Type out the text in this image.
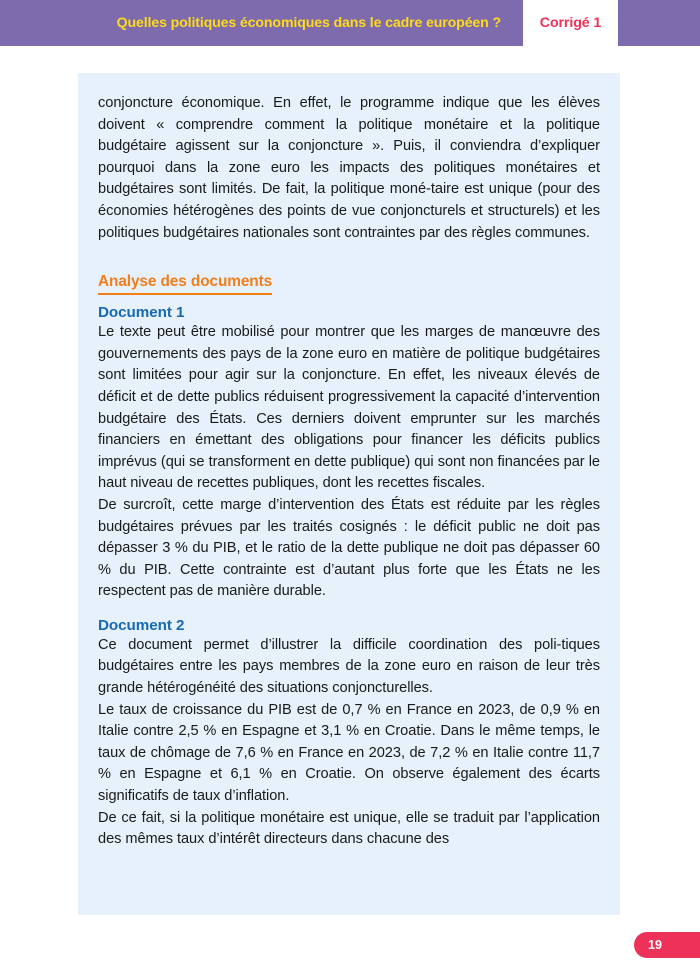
Quelles politiques économiques dans le cadre européen ?	Corrigé 1

conjoncture économique. En effet, le programme indique que les élèves doivent « comprendre comment la politique monétaire et la politique budgétaire agissent sur la conjoncture ». Puis, il conviendra d’expliquer pourquoi dans la zone euro les impacts des politiques monétaires et budgétaires sont limités. De fait, la politique moné-taire est unique (pour des économies hétérogènes des points de vue conjoncturels et structurels) et les politiques budgétaires nationales sont contraintes par des règles communes.

Analyse des documents
Document 1

Le texte peut être mobilisé pour montrer que les marges de manœuvre des gouvernements des pays de la zone euro en matière de politique budgétaires sont limitées pour agir sur la conjoncture. En effet, les niveaux élevés de déficit et de dette publics réduisent progressivement la capacité d’intervention budgétaire des États. Ces derniers doivent emprunter sur les marchés financiers en émettant des obligations pour financer les déficits publics imprévus (qui se transforment en dette publique) qui sont non financées par le haut niveau de recettes publiques, dont les recettes fiscales.

De surcroît, cette marge d’intervention des États est réduite par les règles budgétaires prévues par les traités cosignés : le déficit public ne doit pas dépasser 3 % du PIB, et le ratio de la dette publique ne doit pas dépasser 60 % du PIB. Cette contrainte est d’autant plus forte que les États ne les respectent pas de manière durable.

Document 2

Ce document permet d’illustrer la difficile coordination des poli-tiques budgétaires entre les pays membres de la zone euro en raison de leur très grande hétérogénéité des situations conjoncturelles.

Le taux de croissance du PIB est de 0,7 % en France en 2023, de 0,9 % en Italie contre 2,5 % en Espagne et 3,1 % en Croatie. Dans le même temps, le taux de chômage de 7,6 % en France en 2023, de 7,2 % en Italie contre 11,7 % en Espagne et 6,1 % en Croatie. On observe également des écarts significatifs de taux d’inflation.

De ce fait, si la politique monétaire est unique, elle se traduit par l’application des mêmes taux d’intérêt directeurs dans chacune des

19
